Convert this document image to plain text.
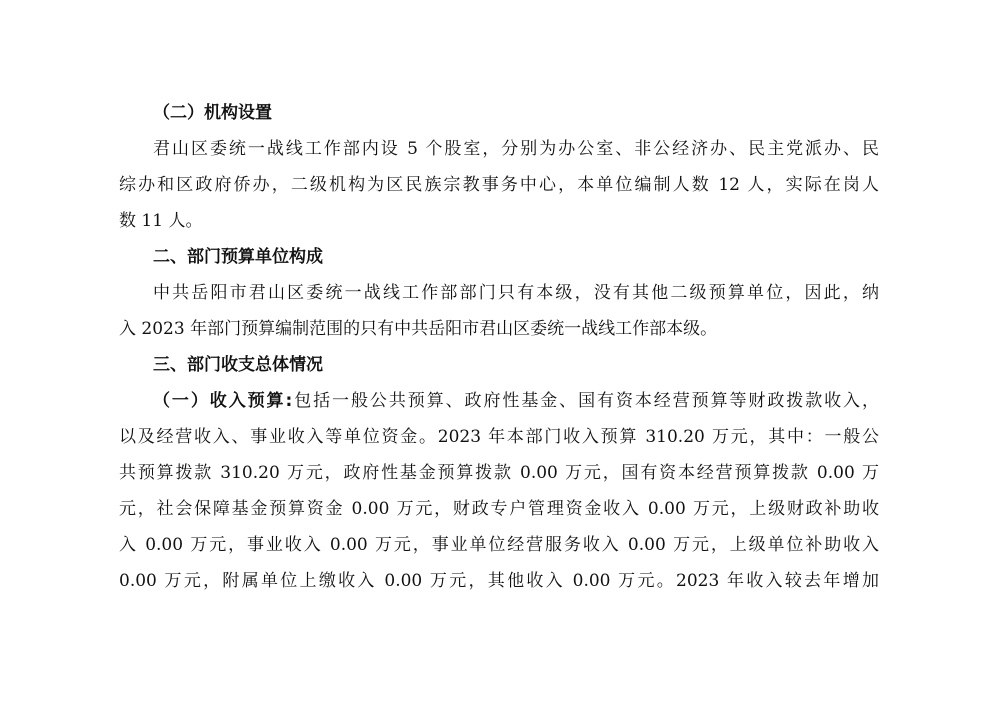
（二）机构设置
君山区委统一战线工作部内设 5 个股室，分别为办公室、非公经济办、民主党派办、民
综办和区政府侨办，二级机构为区民族宗教事务中心，本单位编制人数 12 人，实际在岗人
数 11 人。
二、部门预算单位构成
中共岳阳市君山区委统一战线工作部部门只有本级，没有其他二级预算单位，因此，纳
入 2023 年部门预算编制范围的只有中共岳阳市君山区委统一战线工作部本级。
三、部门收支总体情况
（一）收入预算:包括一般公共预算、政府性基金、国有资本经营预算等财政拨款收入，
以及经营收入、事业收入等单位资金。2023 年本部门收入预算 310.20 万元，其中：一般公
共预算拨款 310.20 万元，政府性基金预算拨款 0.00 万元，国有资本经营预算拨款 0.00 万
元，社会保障基金预算资金 0.00 万元，财政专户管理资金收入 0.00 万元，上级财政补助收
入 0.00 万元，事业收入 0.00 万元，事业单位经营服务收入 0.00 万元，上级单位补助收入
0.00 万元，附属单位上缴收入 0.00 万元，其他收入 0.00 万元。2023 年收入较去年增加
